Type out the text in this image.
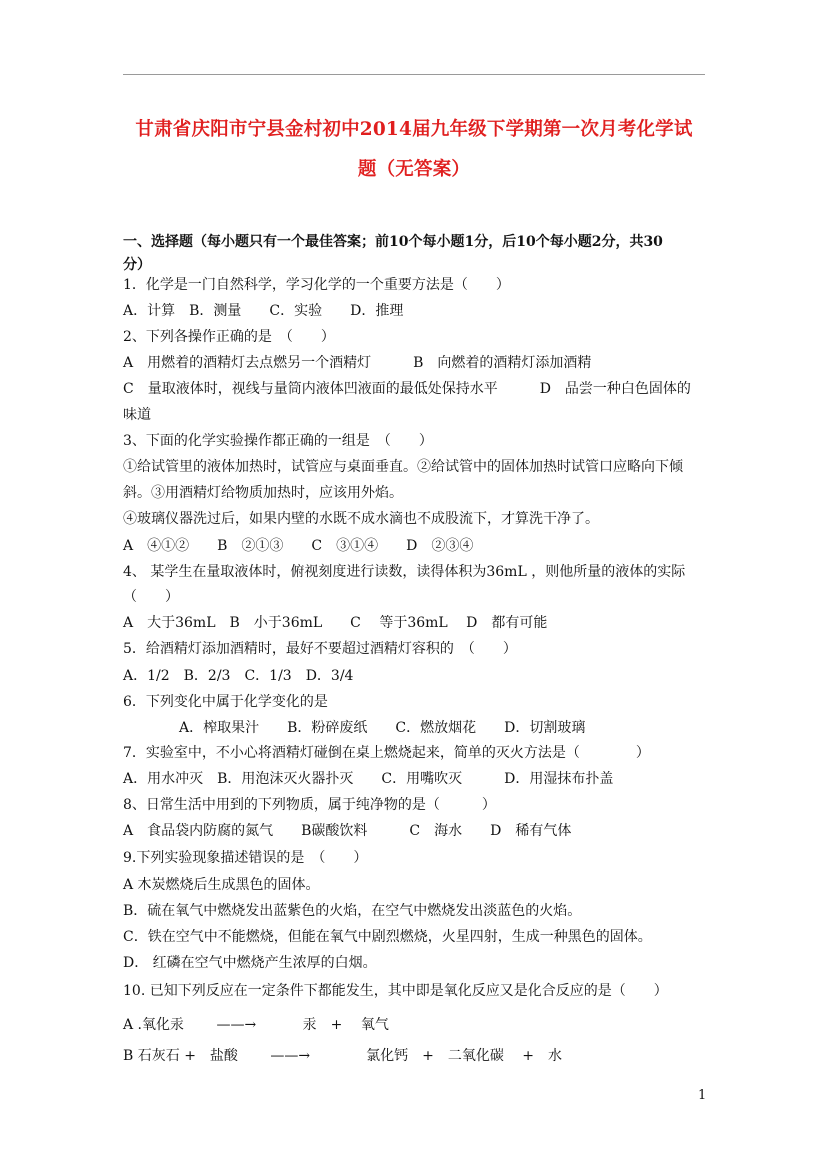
甘肃省庆阳市宁县金村初中2014届九年级下学期第一次月考化学试
题（无答案）
一、选择题（每小题只有一个最佳答案；前10个每小题1分，后10个每小题2分，共30
分）
1．化学是一门自然科学，学习化学的一个重要方法是（　　）
A．计算　B．测量　　C．实验　　D．推理
2、下列各操作正确的是　（　　）
A　用燃着的酒精灯去点燃另一个酒精灯　　　B　向燃着的酒精灯添加酒精
C　量取液体时，视线与量筒内液体凹液面的最低处保持水平　　　D　品尝一种白色固体的
味道
3、下面的化学实验操作都正确的一组是　（　　）
①给试管里的液体加热时，试管应与桌面垂直。②给试管中的固体加热时试管口应略向下倾
斜。③用酒精灯给物质加热时，应该用外焰。
④玻璃仪器洗过后，如果内壁的水既不成水滴也不成股流下，才算洗干净了。
A　④①②　　B　②①③　　C　③①④　　D　②③④
4、 某学生在量取液体时，俯视刻度进行读数，读得体积为36mL ，则他所量的液体的实际
（　　）
A　大于36mL　B　小于36mL　　C　 等于36mL　 D　都有可能
5．给酒精灯添加酒精时，最好不要超过酒精灯容积的　（　　）
A．1/2　B．2/3　C．1/3　D．3/4
6．下列变化中属于化学变化的是
　　　　A．榨取果汁　　B．粉碎废纸　　C．燃放烟花　　D．切割玻璃
7．实验室中，不小心将酒精灯碰倒在桌上燃烧起来，简单的灭火方法是（　　　　）
A．用水冲灭　B．用泡沫灭火器扑灭　　C．用嘴吹灭　　　D．用湿抹布扑盖
8、日常生活中用到的下列物质，属于纯净物的是（　　　）
A　食品袋内防腐的氮气　　B碳酸饮料　　　C　海水　　D　稀有气体
9.下列实验现象描述错误的是　（　　）
A 木炭燃烧后生成黑色的固体。
B．硫在氧气中燃烧发出蓝紫色的火焰，在空气中燃烧发出淡蓝色的火焰。
C．铁在空气中不能燃烧，但能在氧气中剧烈燃烧，火星四射，生成一种黑色的固体。
D． 红磷在空气中燃烧产生浓厚的白烟。
10. 已知下列反应在一定条件下都能发生，其中即是氧化反应又是化合反应的是（　　）
A .氧化汞　　 ——→　　　 汞　+　 氧气
B 石灰石 +　盐酸　　 ——→　　　　氯化钙　+　二氧化碳　 +　水
1
